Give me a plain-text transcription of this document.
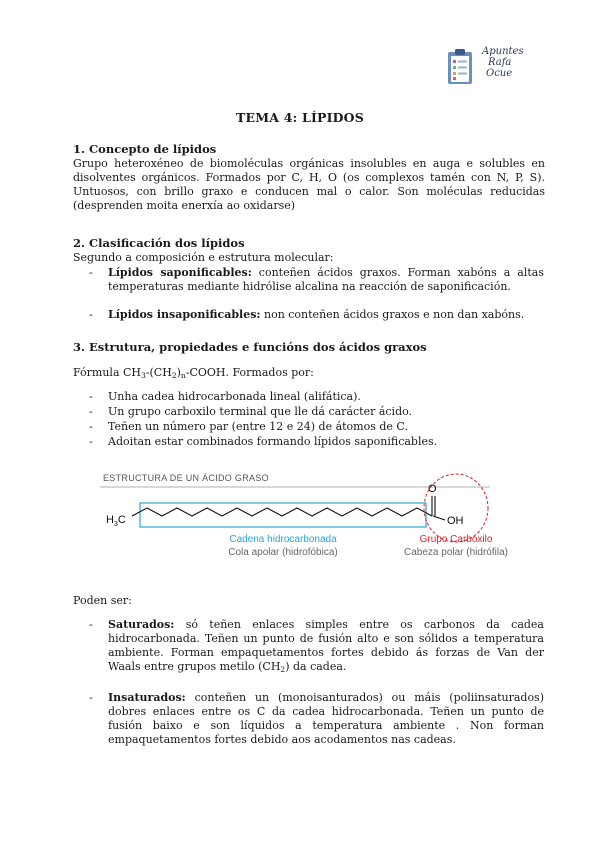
Apuntes
Rafa
Ocue
TEMA 4: LÍPIDOS
1. Concepto de lípidos
Grupo heteroxéneo de biomoléculas orgánicas insolubles en auga e solubles en disolventes orgánicos. Formados por C, H, O (os complexos tamén con N, P, S). Untuosos, con brillo graxo e conducen mal o calor. Son moléculas reducidas (desprenden moita enerxía ao oxidarse)
2. Clasificación dos lípidos
Segundo a composición e estrutura molecular:
- Lípidos saponificables: conteñen ácidos graxos. Forman xabóns a altas temperaturas mediante hidrólise alcalina na reacción de saponificación.
- Lípidos insaponificables: non conteñen ácidos graxos e non dan xabóns.
3. Estrutura, propiedades e funcións dos ácidos graxos
Fórmula $CH_3-(CH_2)_n$-COOH. Formados por:
- Unha cadea hidrocarbonada lineal (alifática).
- Un grupo carboxilo terminal que lle dá carácter ácido.
- Teñen un número par (entre 12 e 24) de átomos de C.
- Adoitan estar combinados formando lípidos saponificables.
ESTRUCTURA DE UN ÁCIDO GRASO
$H_3C$
O
OH
Cadena hidrocarbonada
Cola apolar (hidrofóbica)
Grupo Carboxilo
Cabeza polar (hidrófila)
Poden ser:
- Saturados: só teñen enlaces simples entre os carbonos da cadea hidrocarbonada. Teñen un punto de fusión alto e son sólidos a temperatura ambiente. Forman empaquetamentos fortes debido ás forzas de Van der Waals entre grupos metilo $(CH_2)$ da cadea.
- Insaturados: conteñen un (monoisanturados) ou máis (poliinsaturados) dobres enlaces entre os C da cadea hidrocarbonada. Teñen un punto de fusión baixo e son líquidos a temperatura ambiente . Non forman empaquetamentos fortes debido aos acodamentos nas cadeas.
